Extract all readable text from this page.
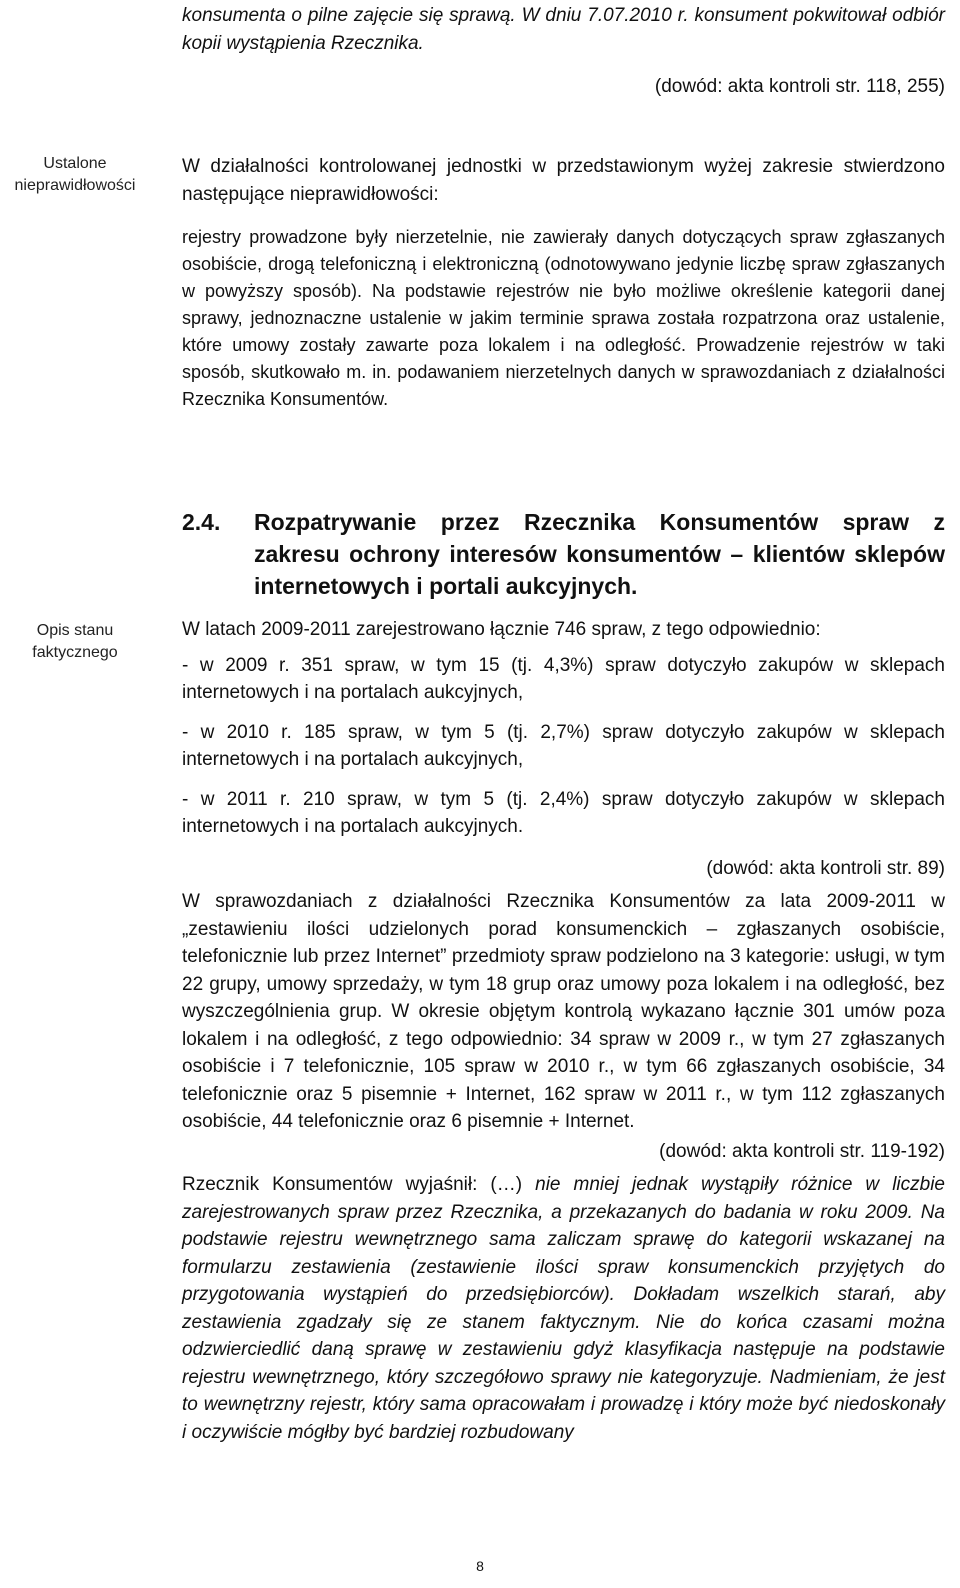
konsumenta o pilne zajęcie się sprawą. W dniu 7.07.2010 r. konsument pokwitował odbiór kopii wystąpienia Rzecznika.

(dowód: akta kontroli str. 118, 255)

Ustalone nieprawidłowości

W działalności kontrolowanej jednostki w przedstawionym wyżej zakresie stwierdzono następujące nieprawidłowości:

rejestry prowadzone były nierzetelnie, nie zawierały danych dotyczących spraw zgłaszanych osobiście, drogą telefoniczną i elektroniczną (odnotowywano jedynie liczbę spraw zgłaszanych w powyższy sposób). Na podstawie rejestrów nie było możliwe określenie kategorii danej sprawy, jednoznaczne ustalenie w jakim terminie sprawa została rozpatrzona oraz ustalenie, które umowy zostały zawarte poza lokalem i na odległość. Prowadzenie rejestrów w taki sposób, skutkowało m. in. podawaniem nierzetelnych danych w sprawozdaniach z działalności Rzecznika Konsumentów.

Opis stanu faktycznego
2.4.	Rozpatrywanie przez Rzecznika Konsumentów spraw z zakresu ochrony interesów konsumentów – klientów sklepów internetowych i portali aukcyjnych.

W latach 2009-2011 zarejestrowano łącznie 746 spraw, z tego odpowiednio:

- w 2009 r. 351 spraw, w tym 15 (tj. 4,3%) spraw dotyczyło zakupów w sklepach internetowych i na portalach aukcyjnych,

- w 2010 r. 185 spraw, w tym 5 (tj. 2,7%) spraw dotyczyło zakupów w sklepach internetowych i na portalach aukcyjnych,

- w 2011 r. 210 spraw, w tym 5 (tj. 2,4%) spraw dotyczyło zakupów w sklepach internetowych i na portalach aukcyjnych.

(dowód: akta kontroli str. 89)

W sprawozdaniach z działalności Rzecznika Konsumentów za lata 2009-2011 w „zestawieniu ilości udzielonych porad konsumenckich – zgłaszanych osobiście, telefonicznie lub przez Internet” przedmioty spraw podzielono na 3 kategorie: usługi, w tym 22 grupy, umowy sprzedaży, w tym 18 grup oraz umowy poza lokalem i na odległość, bez wyszczególnienia grup. W okresie objętym kontrolą wykazano łącznie 301 umów poza lokalem i na odległość, z tego odpowiednio: 34 spraw w 2009 r., w tym 27 zgłaszanych osobiście i 7 telefonicznie, 105 spraw w 2010 r., w tym 66 zgłaszanych osobiście, 34 telefonicznie oraz 5 pisemnie + Internet, 162 spraw w 2011 r., w tym 112 zgłaszanych osobiście, 44 telefonicznie oraz 6 pisemnie + Internet.

(dowód: akta kontroli str. 119-192)

Rzecznik Konsumentów wyjaśnił: (…) nie mniej jednak wystąpiły różnice w liczbie zarejestrowanych spraw przez Rzecznika, a przekazanych do badania w roku 2009. Na podstawie rejestru wewnętrznego sama zaliczam sprawę do kategorii wskazanej na formularzu zestawienia (zestawienie ilości spraw konsumenckich przyjętych do przygotowania wystąpień do przedsiębiorców). Dokładam wszelkich starań, aby zestawienia zgadzały się ze stanem faktycznym. Nie do końca czasami można odzwierciedlić daną sprawę w zestawieniu gdyż klasyfikacja następuje na podstawie rejestru wewnętrznego, który szczegółowo sprawy nie kategoryzuje. Nadmieniam, że jest to wewnętrzny rejestr, który sama opracowałam i prowadzę i który może być niedoskonały i oczywiście mógłby być bardziej rozbudowany

8
